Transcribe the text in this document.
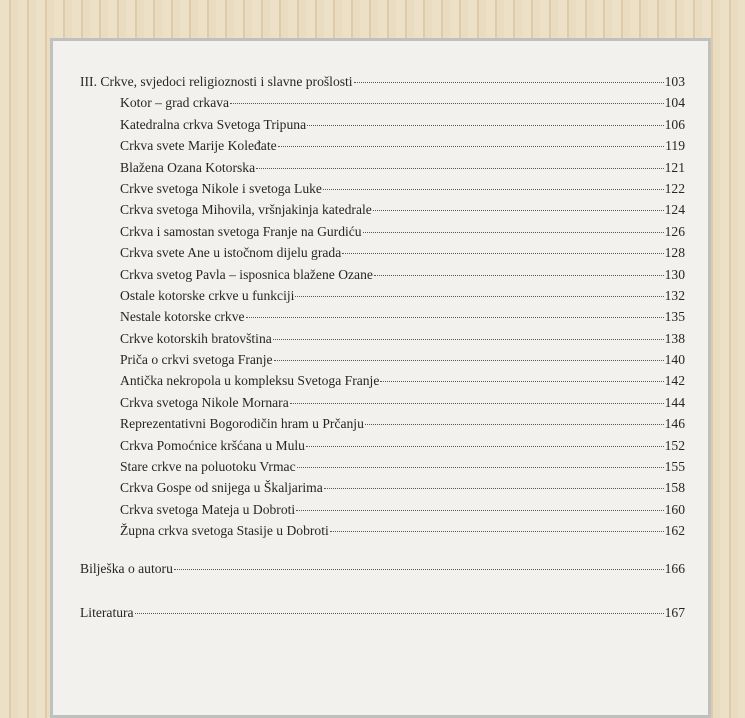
III. Crkve, svjedoci religioznosti i slavne prošlosti	103
Kotor – grad crkava	104
Katedralna crkva Svetoga Tripuna	106
Crkva svete Marije Koleđate	119
Blažena Ozana Kotorska	121
Crkve svetoga Nikole i svetoga Luke	122
Crkva svetoga Mihovila, vršnjakinja katedrale	124
Crkva i samostan svetoga Franje na Gurdiću	126
Crkva svete Ane u istočnom dijelu grada	128
Crkva svetog Pavla – isposnica blažene Ozane	130
Ostale kotorske crkve u funkciji	132
Nestale kotorske crkve	135
Crkve kotorskih bratovština	138
Priča o crkvi svetoga Franje	140
Antička nekropola u kompleksu Svetoga Franje	142
Crkva svetoga Nikole Mornara	144
Reprezentativni Bogorodičin hram u Prčanju	146
Crkva Pomoćnice kršćana u Mulu	152
Stare crkve na poluotoku Vrmac	155
Crkva Gospe od snijega u Škaljarima	158
Crkva svetoga Mateja u Dobroti	160
Župna crkva svetoga Stasije u Dobroti	162
Bilješka o autoru	166
Literatura	167
